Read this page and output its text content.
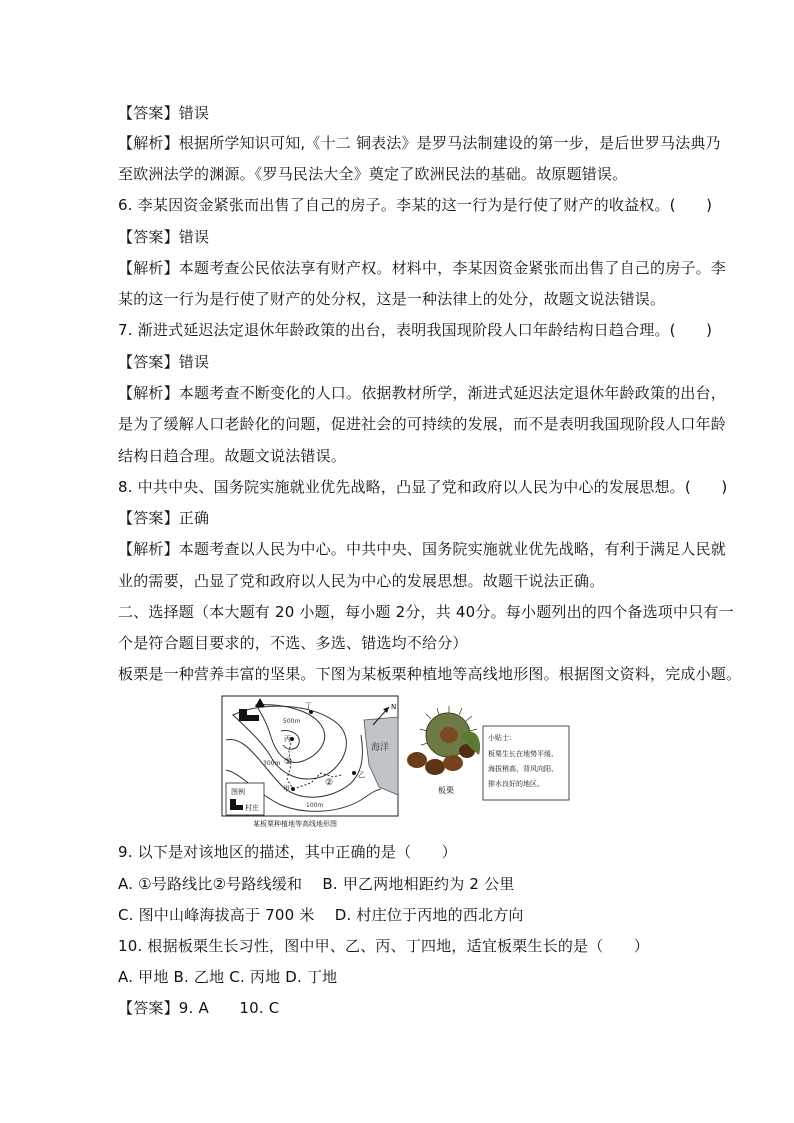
【答案】错误
【解析】根据所学知识可知,《十二 铜表法》是罗马法制建设的第一步，是后世罗马法典乃
至欧洲法学的渊源。《罗马民法大全》奠定了欧洲民法的基础。故原题错误。
6. 李某因资金紧张而出售了自己的房子。李某的这一行为是行使了财产的收益权。(　　)
【答案】错误
【解析】本题考查公民依法享有财产权。材料中，李某因资金紧张而出售了自己的房子。李
某的这一行为是行使了财产的处分权，这是一种法律上的处分，故题文说法错误。
7. 渐进式延迟法定退休年龄政策的出台，表明我国现阶段人口年龄结构日趋合理。(　　)
【答案】错误
【解析】本题考查不断变化的人口。依据教材所学，渐进式延迟法定退休年龄政策的出台，
是为了缓解人口老龄化的问题，促进社会的可持续的发展，而不是表明我国现阶段人口年龄
结构日趋合理。故题文说法错误。
8. 中共中央、国务院实施就业优先战略，凸显了党和政府以人民为中心的发展思想。(　　)
【答案】正确
【解析】本题考查以人民为中心。中共中央、国务院实施就业优先战略，有利于满足人民就
业的需要，凸显了党和政府以人民为中心的发展思想。故题干说法正确。
二、选择题（本大题有 20 小题，每小题 2分，共 40分。每小题列出的四个备选项中只有一
个是符合题目要求的，不选、多选、错选均不给分）
板栗是一种营养丰富的坚果。下图为某板栗种植地等高线地形图。根据图文资料，完成小题。
海洋
500m
300m
100m
N
丁
丙
甲
乙
①
②
图例
村庄
某板栗种植地等高线地形图
板栗
小贴士:
板栗生长在地势平缓、
海拔稍高、背风向阳、
排水良好的地区。
9. 以下是对该地区的描述，其中正确的是（　　）
A. ①号路线比②号路线缓和　 B. 甲乙两地相距约为 2 公里
C. 图中山峰海拔高于 700 米　 D. 村庄位于丙地的西北方向
10. 根据板栗生长习性，图中甲、乙、丙、丁四地，适宜板栗生长的是（　　）
A. 甲地 B. 乙地 C. 丙地 D. 丁地
【答案】9. A　　10. C
